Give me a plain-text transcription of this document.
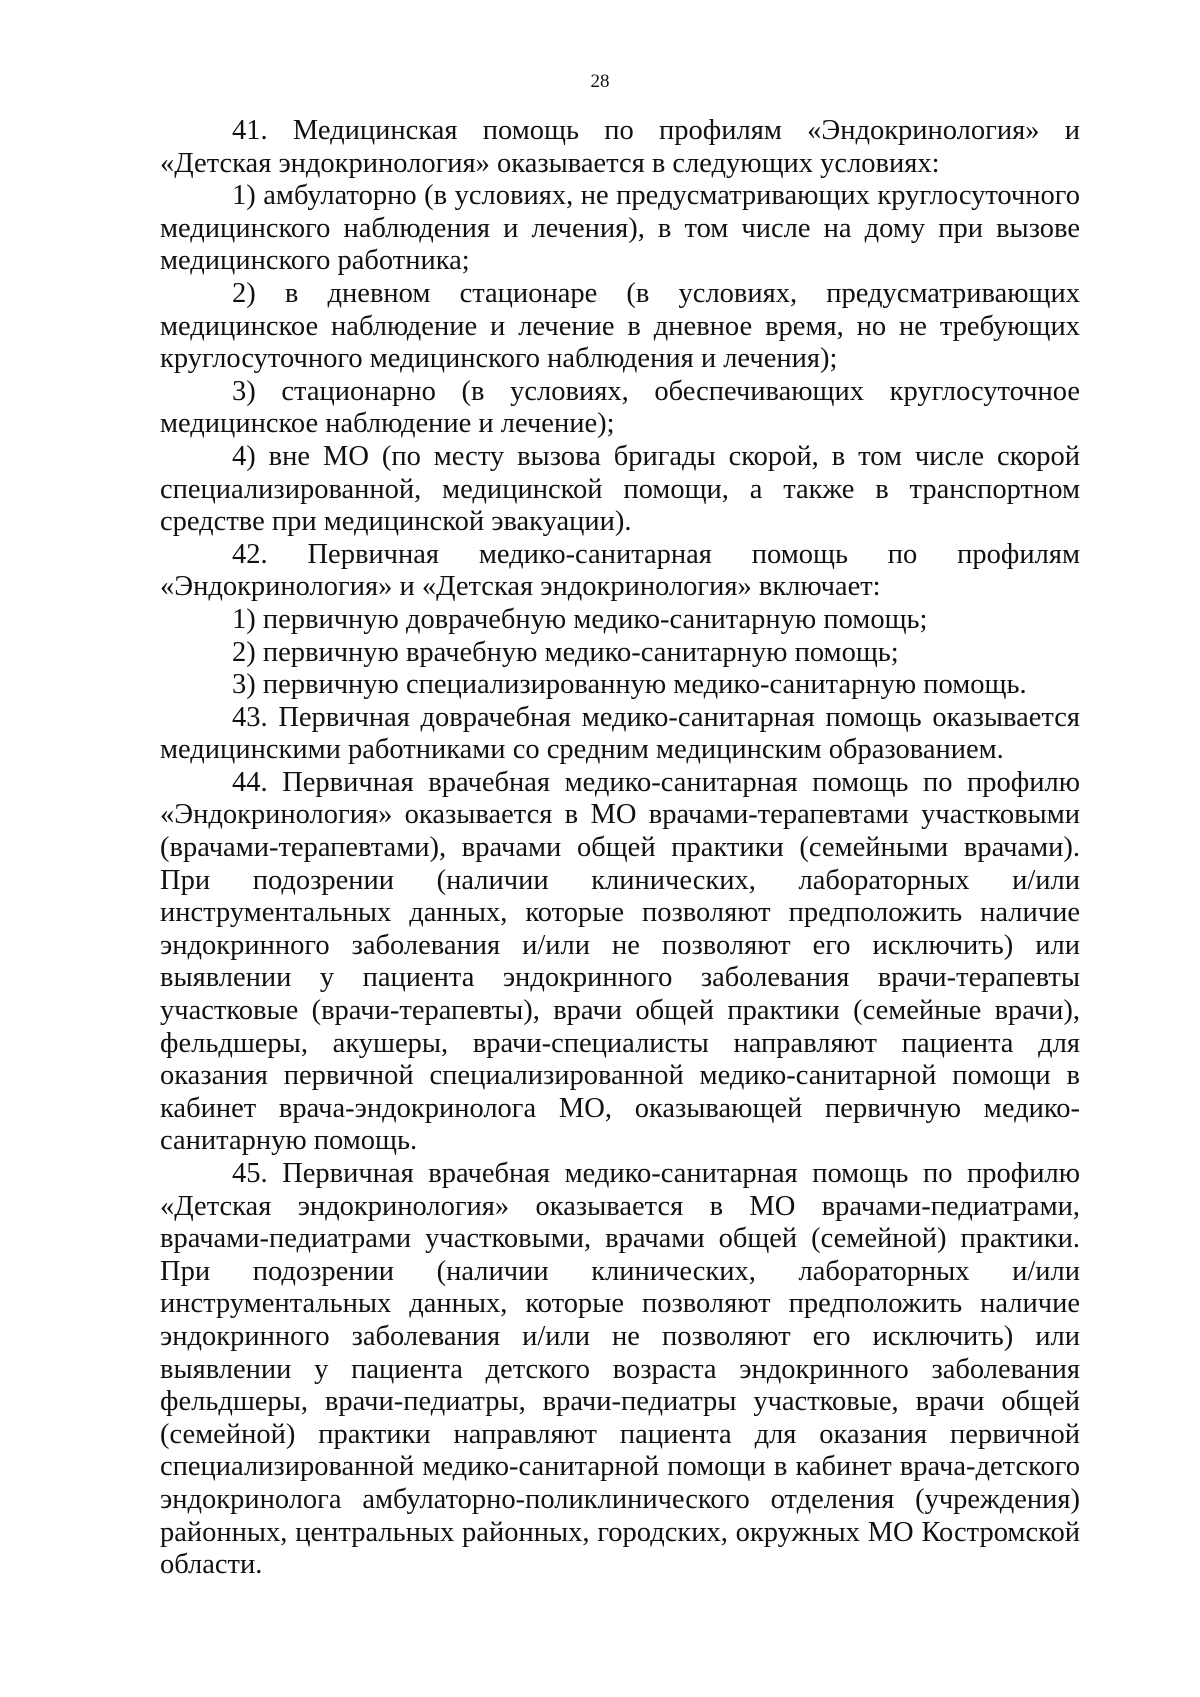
28

41. Медицинская помощь по профилям «Эндокринология» и «Детская эндокринология» оказывается в следующих условиях:

1) амбулаторно (в условиях, не предусматривающих круглосуточного медицинского наблюдения и лечения), в том числе на дому при вызове медицинского работника;

2) в дневном стационаре (в условиях, предусматривающих медицинское наблюдение и лечение в дневное время, но не требующих круглосуточного медицинского наблюдения и лечения);

3) стационарно (в условиях, обеспечивающих круглосуточное медицинское наблюдение и лечение);

4) вне МО (по месту вызова бригады скорой, в том числе скорой специализированной, медицинской помощи, а также в транспортном средстве при медицинской эвакуации).

42. Первичная медико-санитарная помощь по профилям «Эндокринология» и «Детская эндокринология» включает:

1) первичную доврачебную медико-санитарную помощь;

2) первичную врачебную медико-санитарную помощь;

3) первичную специализированную медико-санитарную помощь.

43. Первичная доврачебная медико-санитарная помощь оказывается медицинскими работниками со средним медицинским образованием.

44. Первичная врачебная медико-санитарная помощь по профилю «Эндокринология» оказывается в МО врачами-терапевтами участковыми (врачами-терапевтами), врачами общей практики (семейными врачами). При подозрении (наличии клинических, лабораторных и/или инструментальных данных, которые позволяют предположить наличие эндокринного заболевания и/или не позволяют его исключить) или выявлении у пациента эндокринного заболевания врачи-терапевты участковые (врачи-терапевты), врачи общей практики (семейные врачи), фельдшеры, акушеры, врачи-специалисты направляют пациента для оказания первичной специализированной медико-санитарной помощи в кабинет врача-эндокринолога МО, оказывающей первичную медико-санитарную помощь.

45. Первичная врачебная медико-санитарная помощь по профилю «Детская эндокринология» оказывается в МО врачами-педиатрами, врачами-педиатрами участковыми, врачами общей (семейной) практики. При подозрении (наличии клинических, лабораторных и/или инструментальных данных, которые позволяют предположить наличие эндокринного заболевания и/или не позволяют его исключить) или выявлении у пациента детского возраста эндокринного заболевания фельдшеры, врачи-педиатры, врачи-педиатры участковые, врачи общей (семейной) практики направляют пациента для оказания первичной специализированной медико-санитарной помощи в кабинет врача-детского эндокринолога амбулаторно-поликлинического отделения (учреждения) районных, центральных районных, городских, окружных МО Костромской области.
